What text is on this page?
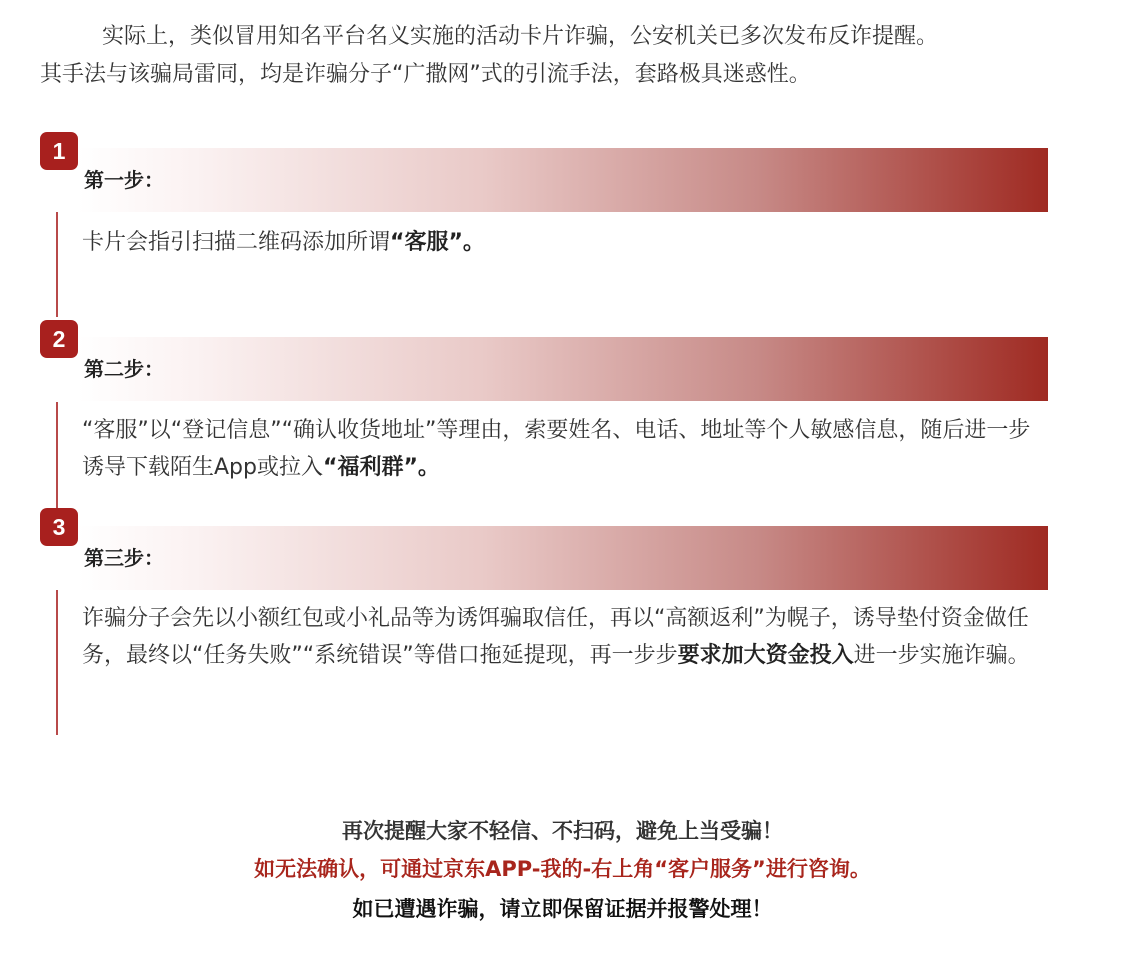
实际上，类似冒用知名平台名义实施的活动卡片诈骗，公安机关已多次发布反诈提醒。

其手法与该骗局雷同，均是诈骗分子“广撒网”式的引流手法，套路极具迷惑性。

1
第一步：
卡片会指引扫描二维码添加所谓“客服”。
2
第二步：
“客服”以“登记信息”“确认收货地址”等理由，索要姓名、电话、地址等个人敏感信息，随后进一步诱导下载陌生App或拉入“福利群”。
3
第三步：
诈骗分子会先以小额红包或小礼品等为诱饵骗取信任，再以“高额返利”为幌子，诱导垫付资金做任务，最终以“任务失败”“系统错误”等借口拖延提现，再一步步要求加大资金投入进一步实施诈骗。
再次提醒大家不轻信、不扫码，避免上当受骗！
如无法确认，可通过京东APP-我的-右上角“客户服务”进行咨询。
如已遭遇诈骗，请立即保留证据并报警处理！
